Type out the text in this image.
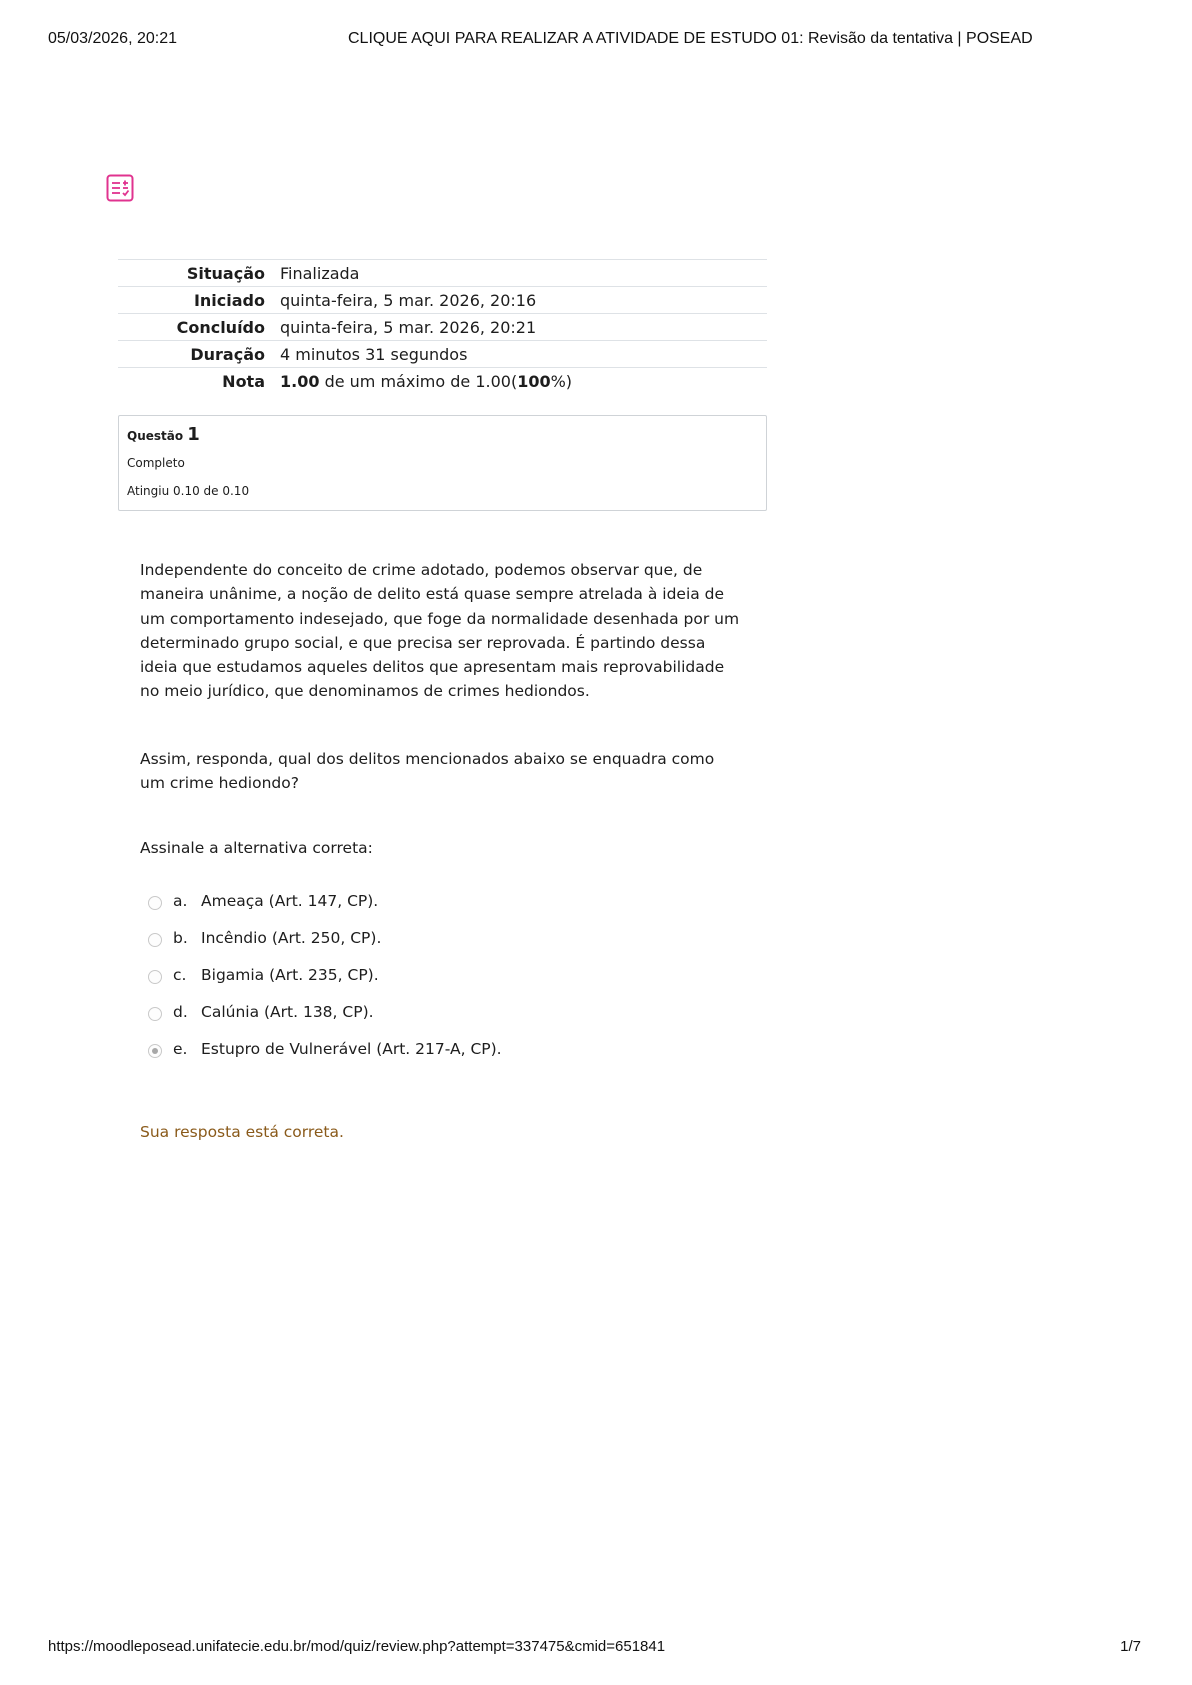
05/03/2026, 20:21	CLIQUE AQUI PARA REALIZAR A ATIVIDADE DE ESTUDO 01: Revisão da tentativa | POSEAD
Situação	Finalizada
Iniciado	quinta-feira, 5 mar. 2026, 20:16
Concluído	quinta-feira, 5 mar. 2026, 20:21
Duração	4 minutos 31 segundos
Nota	1.00 de um máximo de 1.00(100%)
Questão 1
Completo
Atingiu 0.10 de 0.10

Independente do conceito de crime adotado, podemos observar que, de maneira unânime, a noção de delito está quase sempre atrelada à ideia de um comportamento indesejado, que foge da normalidade desenhada por um determinado grupo social, e que precisa ser reprovada. É partindo dessa ideia que estudamos aqueles delitos que apresentam mais reprovabilidade no meio jurídico, que denominamos de crimes hediondos.

Assim, responda, qual dos delitos mencionados abaixo se enquadra como um crime hediondo?

Assinale a alternativa correta:

a. Ameaça (Art. 147, CP).
b. Incêndio (Art. 250, CP).
c. Bigamia (Art. 235, CP).
d. Calúnia (Art. 138, CP).
e. Estupro de Vulnerável (Art. 217-A, CP).
Sua resposta está correta.
https://moodleposead.unifatecie.edu.br/mod/quiz/review.php?attempt=337475&cmid=651841	1/7
